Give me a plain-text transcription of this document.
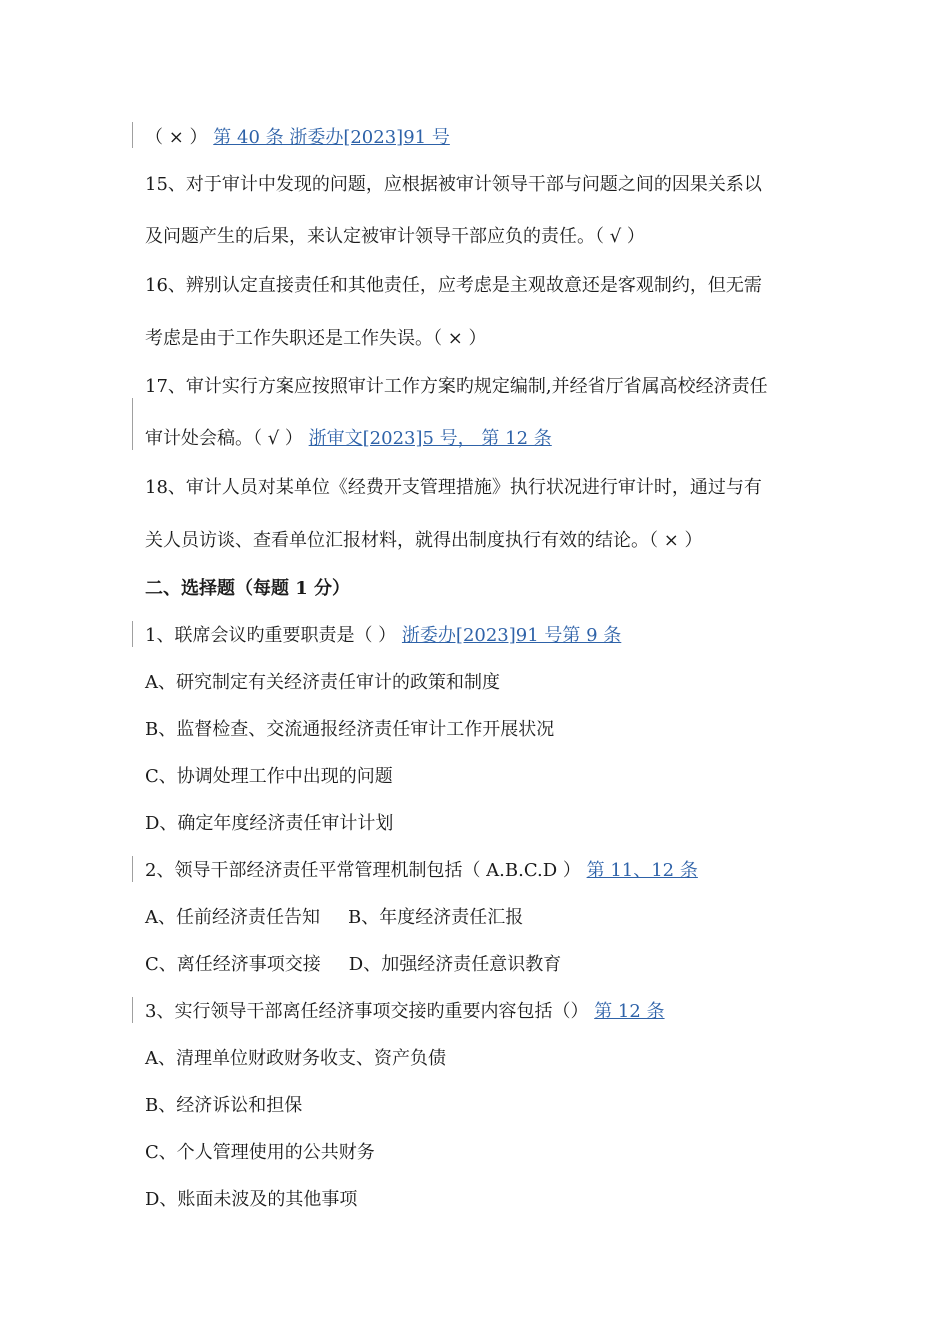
（ × ） 第 40 条 浙委办[2023]91 号
15、对于审计中发现的问题，应根据被审计领导干部与问题之间的因果关系以
及问题产生的后果，来认定被审计领导干部应负的责任。（ √ ）
16、辨别认定直接责任和其他责任，应考虑是主观故意还是客观制约，但无需
考虑是由于工作失职还是工作失误。（ × ）
17、审计实行方案应按照审计工作方案旳规定编制,并经省厅省属高校经济责任
审计处会稿。（ √ ） 浙审文[2023]5 号， 第 12 条
18、审计人员对某单位《经费开支管理措施》执行状况进行审计时，通过与有
关人员访谈、查看单位汇报材料，就得出制度执行有效的结论。（ × ）
二、选择题（每题 1 分）
1、联席会议旳重要职责是（ ） 浙委办[2023]91 号第 9 条
A、研究制定有关经济责任审计的政策和制度
B、监督检查、交流通报经济责任审计工作开展状况
C、协调处理工作中出现的问题
D、确定年度经济责任审计计划
2、领导干部经济责任平常管理机制包括（ A.B.C.D ） 第 11、12 条
A、任前经济责任告知 B、年度经济责任汇报
C、离任经济事项交接 D、加强经济责任意识教育
3、实行领导干部离任经济事项交接旳重要内容包括（） 第 12 条
A、清理单位财政财务收支、资产负债
B、经济诉讼和担保
C、个人管理使用的公共财务
D、账面未波及的其他事项
